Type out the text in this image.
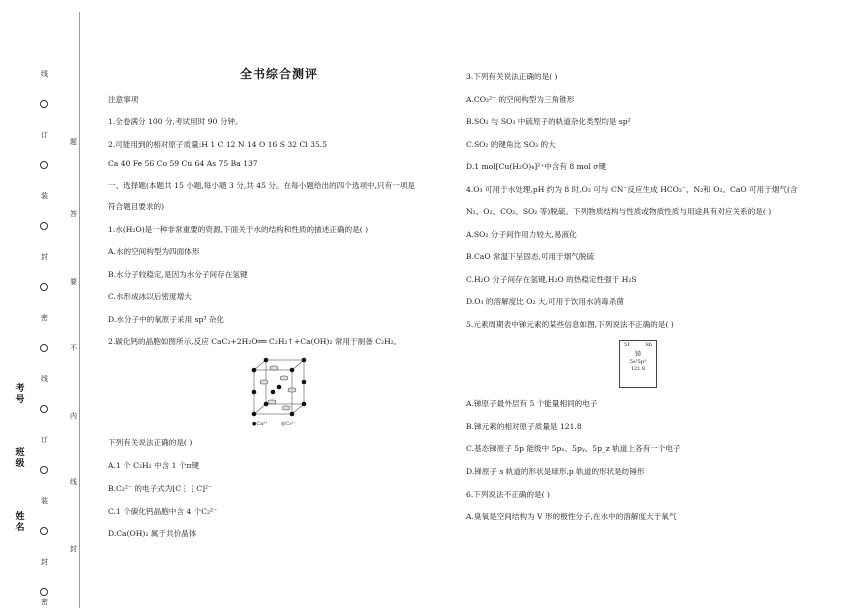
线
订
装
封
密
线
订
装
封
密
题
答
要
不
内
线
封
考号
班级
姓名
全书综合测评
注意事项
1.全卷满分 100 分,考试用时 90 分钟。
2.可能用到的相对原子质量:H 1 C 12 N 14 O 16 S 32 Cl 35.5
Ca 40 Fe 56 Co 59 Cu 64 As 75 Ba 137
一、选择题(本题共 15 小题,每小题 3 分,共 45 分。在每小题给出的四个选项中,只有一项是
符合题目要求的)
1.水(H₂O)是一种非常重要的资源,下面关于水的结构和性质的描述正确的是( )
A.水的空间构型为四面体形
B.水分子较稳定,是因为水分子间存在氢键
C.水形成冰以后密度增大
D.水分子中的氧原子采用 sp³ 杂化
2.碳化钙的晶胞如图所示,反应 CaC₂+2H₂O══ C₂H₂↑+Ca(OH)₂ 常用于制备 C₂H₂。
●Ca²⁺	◎C₂²⁻
下列有关说法正确的是( )
A.1 个 C₂H₂ 中含 1 个π键
B.C₂²⁻ 的电子式为[C⋮⋮C]²⁻
C.1 个碳化钙晶胞中含 4 个C₂²⁻
D.Ca(OH)₂ 属于共价晶体
3.下列有关说法正确的是( )
A.CO₃²⁻ 的空间构型为三角锥形
B.SO₂ 与 SO₃ 中硫原子的轨道杂化类型均是 sp²
C.SO₂ 的键角比 SO₃ 的大
D.1 mol[Cu(H₂O)₄]²⁺中含有 8 mol σ键
4.O₃ 可用于水处理,pH 约为 8 时,O₃ 可与 CN⁻反应生成 HCO₃⁻、N₂和 O₂。CaO 可用于烟气(含
N₂、O₂、CO₂、SO₂ 等)脱硫。下列物质结构与性质或物质性质与用途具有对应关系的是( )
A.SO₂ 分子间作用力较大,易液化
B.CaO 常温下呈固态,可用于烟气脱硫
C.H₂O 分子间存在氢键,H₂O 的热稳定性强于 H₂S
D.O₃ 的溶解度比 O₂ 大,可用于饮用水消毒杀菌
5.元素周期表中锑元素的某些信息如图,下列说法不正确的是( )
51	Sb
锑
5s²5p³
121.8
A.锑原子最外层有 5 个能量相同的电子
B.锑元素的相对原子质量是 121.8
C.基态锑原子 5p 能级中 5pₓ、5pᵧ、5p_z 轨道上各有一个电子
D.锑原子 s 轨道的形状是球形,p 轨道的形状是纺锤形
6.下列说法不正确的是( )
A.臭氧是空间结构为 V 形的极性分子,在水中的溶解度大于氧气
